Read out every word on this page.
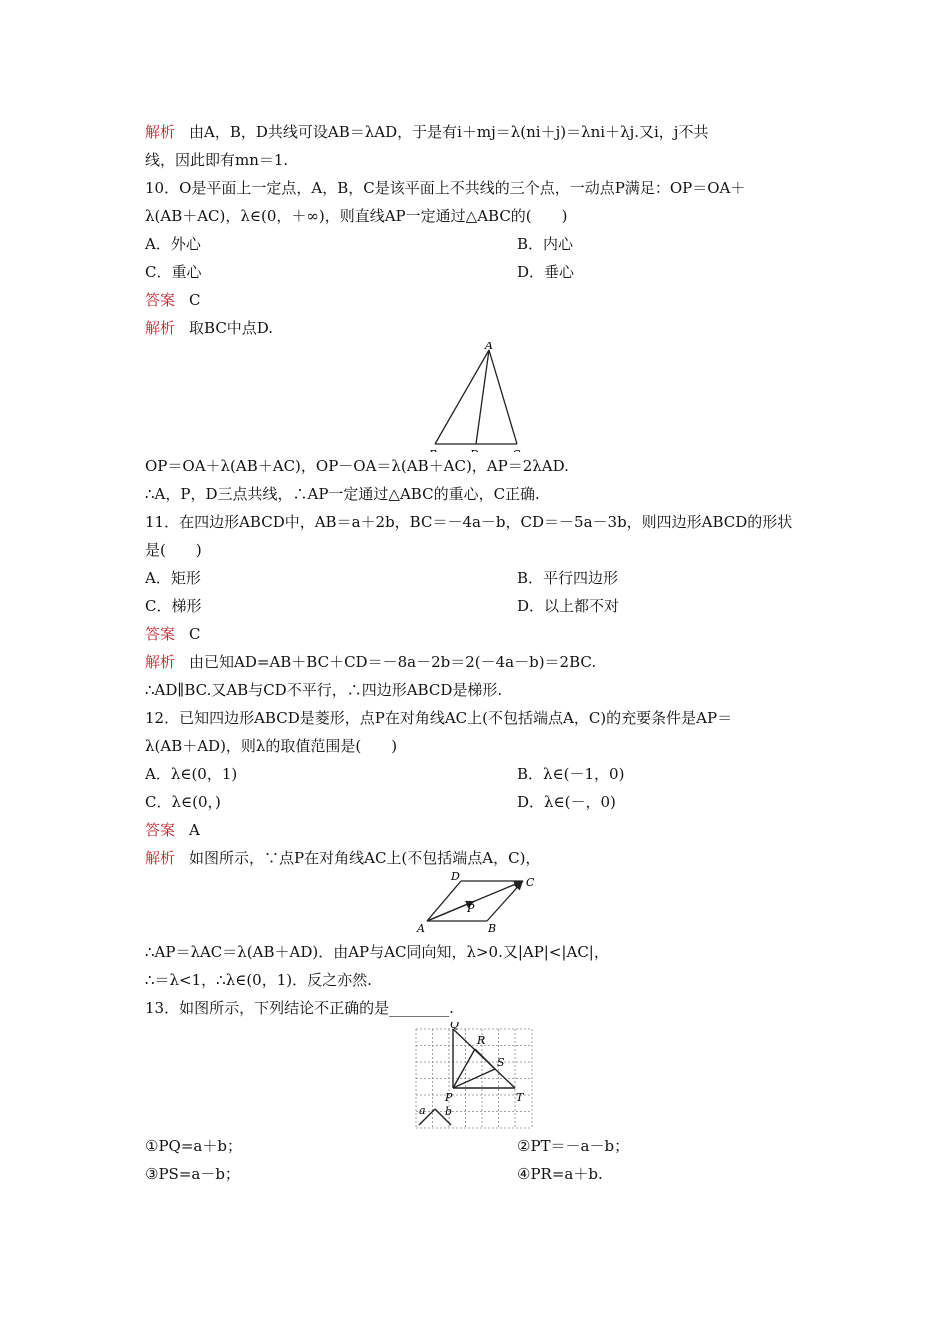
解析 由A，B，D共线可设AB＝λAD，于是有i＋mj＝λ(ni＋j)＝λni＋λj.又i，j不共
线，因此即有mn＝1.
10．O是平面上一定点，A，B，C是该平面上不共线的三个点，一动点P满足：OP＝OA＋
λ(AB＋AC)，λ∈(0，＋∞)，则直线AP一定通过△ABC的(　　)
A．外心	B．内心
C．重心	D．垂心
答案 C
解析 取BC中点D.
A
OP＝OA＋λ(AB＋AC)，OP－OA＝λ(AB＋AC)，AP＝2λAD.
∴A，P，D三点共线，∴AP一定通过△ABC的重心，C正确.
11．在四边形ABCD中，AB＝a＋2b，BC＝－4a－b，CD＝－5a－3b，则四边形ABCD的形状
是(　　)
A．矩形	B．平行四边形
C．梯形	D．以上都不对
答案 C
解析 由已知AD=AB＋BC＋CD＝－8a－2b＝2(－4a－b)＝2BC.
∴AD∥BC.又AB与CD不平行，∴四边形ABCD是梯形.
12．已知四边形ABCD是菱形，点P在对角线AC上(不包括端点A，C)的充要条件是AP＝
λ(AB＋AD)，则λ的取值范围是(　　)
A．λ∈(0，1)	B．λ∈(－1，0)
C．λ∈(0，)	D．λ∈(－，0)
答案 A
解析 如图所示，∵点P在对角线AC上(不包括端点A，C)，
D	C
P
A	B
∴AP＝λAC＝λ(AB＋AD)．由AP与AC同向知，λ>0.又|AP|<|AC|，
∴＝λ<1，∴λ∈(0，1)．反之亦然.
13．如图所示，下列结论不正确的是________.
Q
R
S
P	T
a b
①PQ=a＋b；	②PT＝－a－b；
③PS=a－b；	④PR=a＋b.
